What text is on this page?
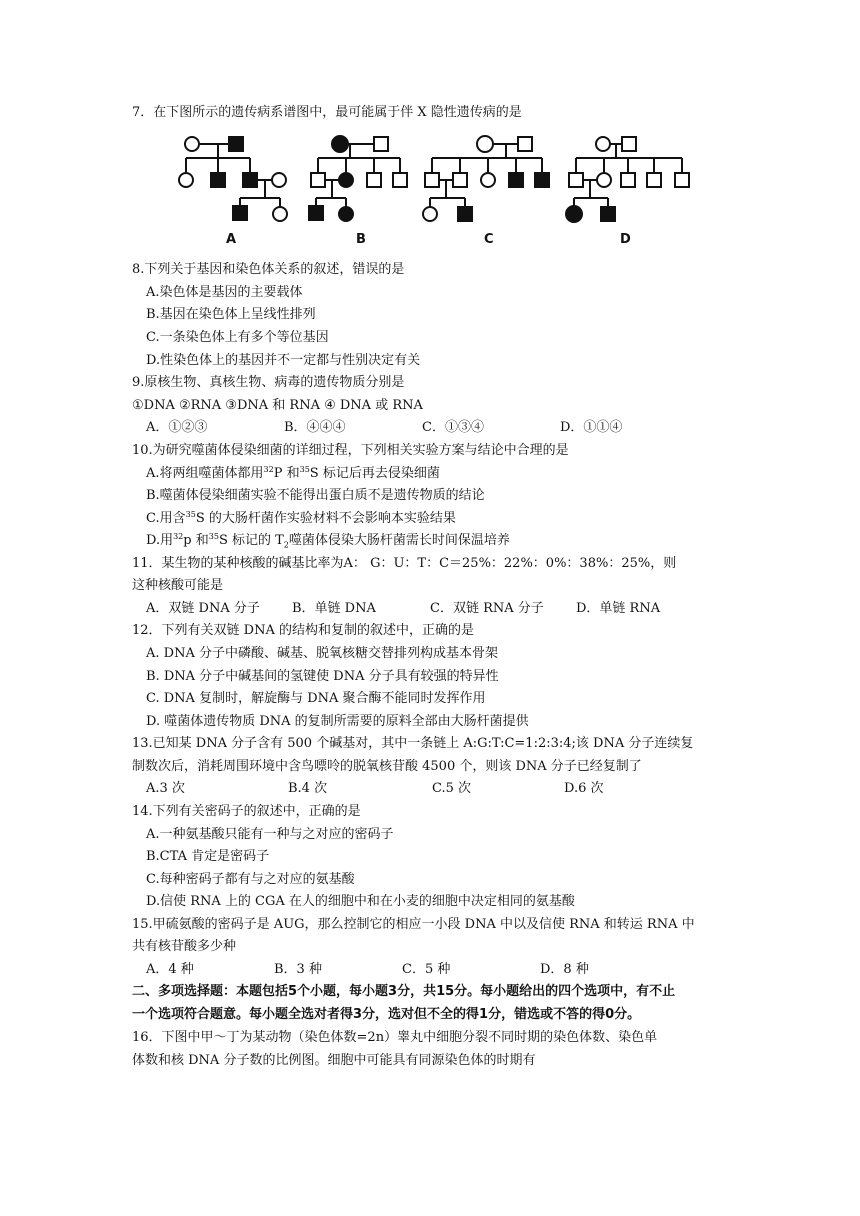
7．在下图所示的遗传病系谱图中，最可能属于伴 X 隐性遗传病的是
A	B	C	D
8.下列关于基因和染色体关系的叙述，错误的是
A.染色体是基因的主要载体
B.基因在染色体上呈线性排列
C.一条染色体上有多个等位基因
D.性染色体上的基因并不一定都与性别决定有关
9.原核生物、真核生物、病毒的遗传物质分别是
①DNA ②RNA ③DNA 和 RNA ④ DNA 或 RNA
A．①②③	B．④④④	C．①③④	D．①①④
10.为研究噬菌体侵染细菌的详细过程，下列相关实验方案与结论中合理的是
A.将两组噬菌体都用$^{32}$P 和$^{35}$S 标记后再去侵染细菌
B.噬菌体侵染细菌实验不能得出蛋白质不是遗传物质的结论
C.用含$^{35}$S 的大肠杆菌作实验材料不会影响本实验结果
D.用$^{32}$p 和$^{35}$S 标记的 $T_2$噬菌体侵染大肠杆菌需长时间保温培养
11．某生物的某种核酸的碱基比率为A： G：U：T：C＝25%：22%：0%：38%：25%，则
这种核酸可能是
A．双链 DNA 分子 B．单链 DNA	C．双链 RNA 分子 D．单链 RNA
12．下列有关双链 DNA 的结构和复制的叙述中，正确的是
A. DNA 分子中磷酸、碱基、脱氧核糖交替排列构成基本骨架
B. DNA 分子中碱基间的氢键使 DNA 分子具有较强的特异性
C. DNA 复制时，解旋酶与 DNA 聚合酶不能同时发挥作用
D. 噬菌体遗传物质 DNA 的复制所需要的原料全部由大肠杆菌提供
13.已知某 DNA 分子含有 500 个碱基对，其中一条链上 A:G:T:C=1:2:3:4;该 DNA 分子连续复
制数次后，消耗周围环境中含鸟嘌呤的脱氧核苷酸 4500 个，则该 DNA 分子已经复制了
A.3 次	B.4 次	C.5 次	D.6 次
14.下列有关密码子的叙述中，正确的是
A.一种氨基酸只能有一种与之对应的密码子
B.CTA 肯定是密码子
C.每种密码子都有与之对应的氨基酸
D.信使 RNA 上的 CGA 在人的细胞中和在小麦的细胞中决定相同的氨基酸
15.甲硫氨酸的密码子是 AUG，那么控制它的相应一小段 DNA 中以及信使 RNA 和转运 RNA 中
共有核苷酸多少种
A．4 种	B．3 种	C．5 种	D．8 种
二、多项选择题：本题包括5个小题，每小题3分，共15分。每小题给出的四个选项中，有不止
一个选项符合题意。每小题全选对者得3分，选对但不全的得1分，错选或不答的得0分。
16．下图中甲～丁为某动物（染色体数=2n）睾丸中细胞分裂不同时期的染色体数、染色单
体数和核 DNA 分子数的比例图。细胞中可能具有同源染色体的时期有
